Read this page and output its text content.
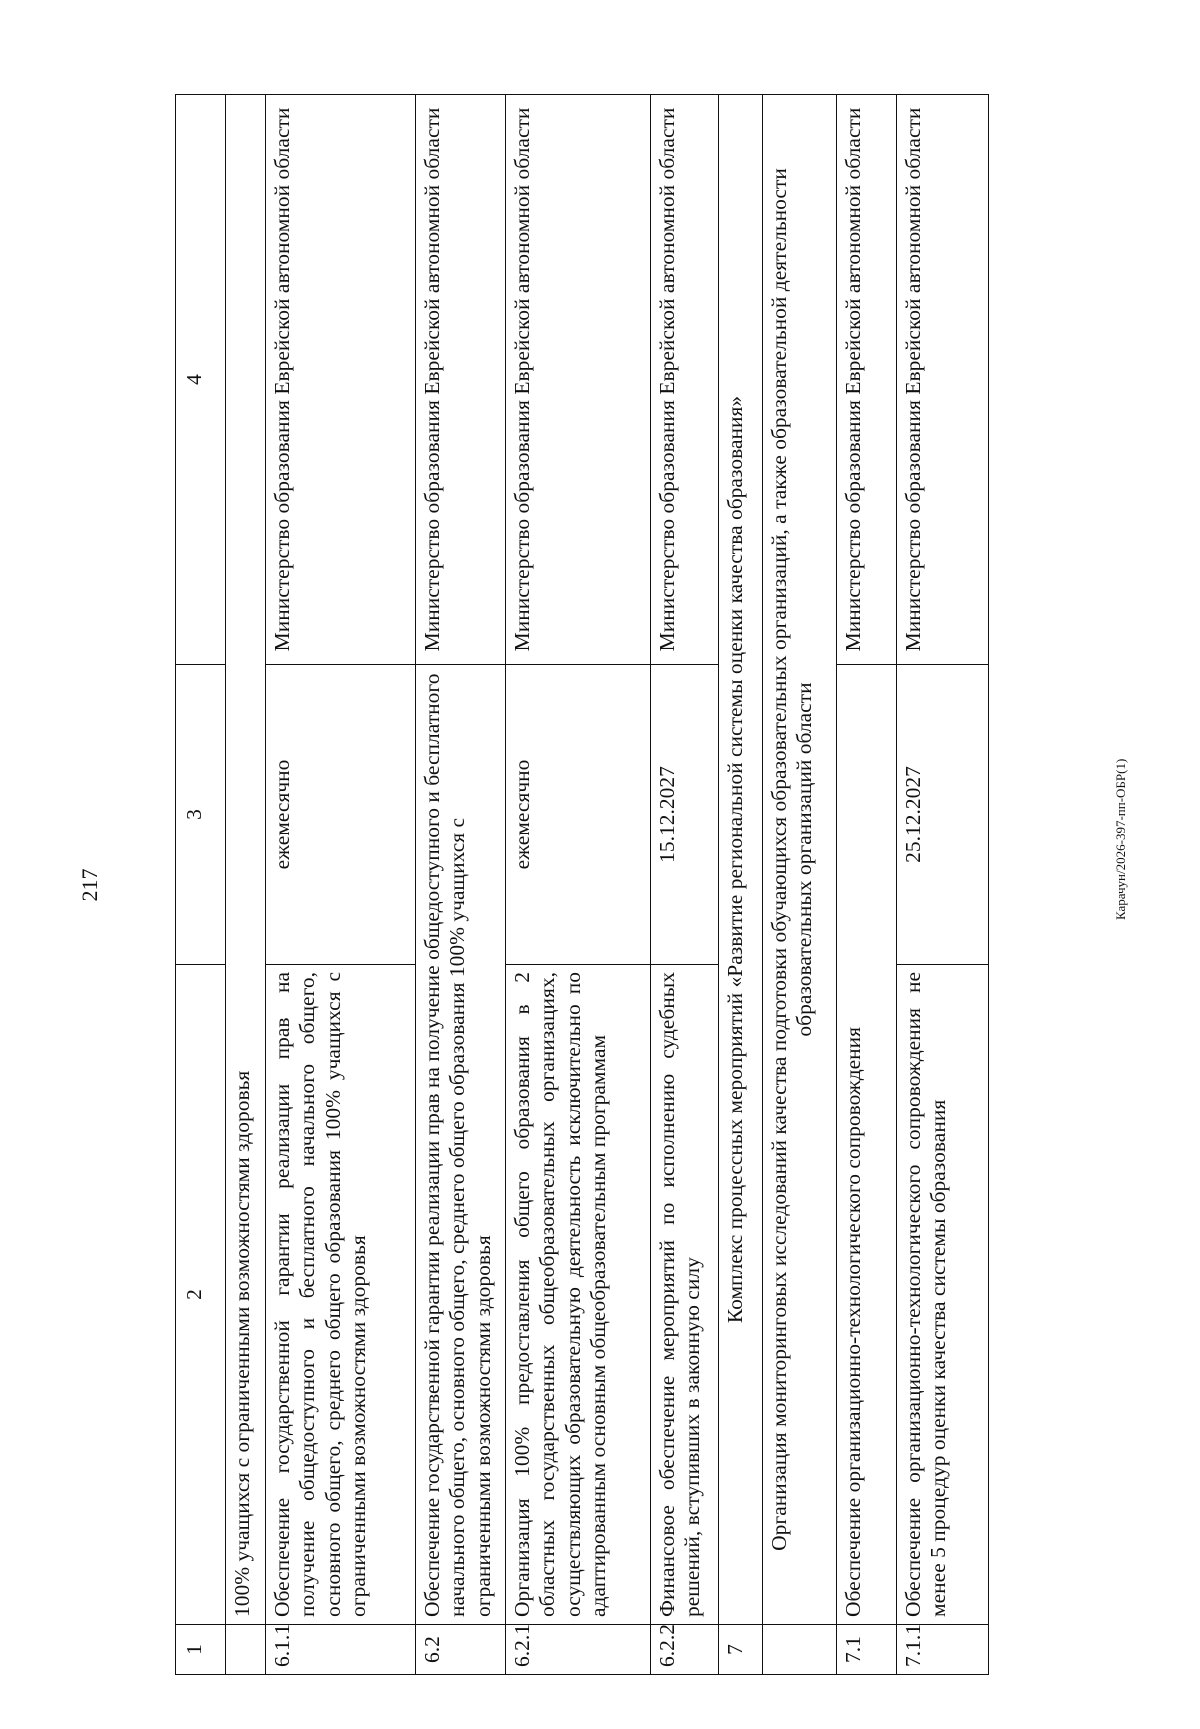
217	Карачун/2026-397-пп-ОБР(1)
1	2	3	4
	100% учащихся с ограниченными возможностями здоровья		
6.1.1	Обеспечение государственной гарантии реализации прав на получение общедоступного и бесплатного начального общего, основного общего, среднего общего образования 100% учащихся с ограниченными возможностями здоровья	ежемесячно	Министерство образования Еврейской автономной области
6.2	Обеспечение государственной гарантии реализации прав на получение общедоступного и бесплатного начального общего, основного общего, среднего общего образования 100% учащихся с ограниченными возможностями здоровья		Министерство образования Еврейской автономной области
6.2.1	Организация 100% предоставления общего образования в 2 областных государственных общеобразовательных организациях, осуществляющих образовательную деятельность исключительно по адаптированным основным общеобразовательным программам	ежемесячно	Министерство образования Еврейской автономной области
6.2.2	Финансовое обеспечение мероприятий по исполнению судебных решений, вступивших в законную силу	15.12.2027	Министерство образования Еврейской автономной области
7	Комплекс процессных мероприятий «Развитие региональной системы оценки качества образования»		
	Организация мониторинговых исследований качества подготовки обучающихся образовательных организаций, а также образовательной деятельности образовательных организаций области		
7.1	Обеспечение организационно-технологического сопровождения		Министерство образования Еврейской автономной области
7.1.1	Обеспечение организационно-технологического сопровождения не менее 5 процедур оценки качества системы образования	25.12.2027	Министерство образования Еврейской автономной области
